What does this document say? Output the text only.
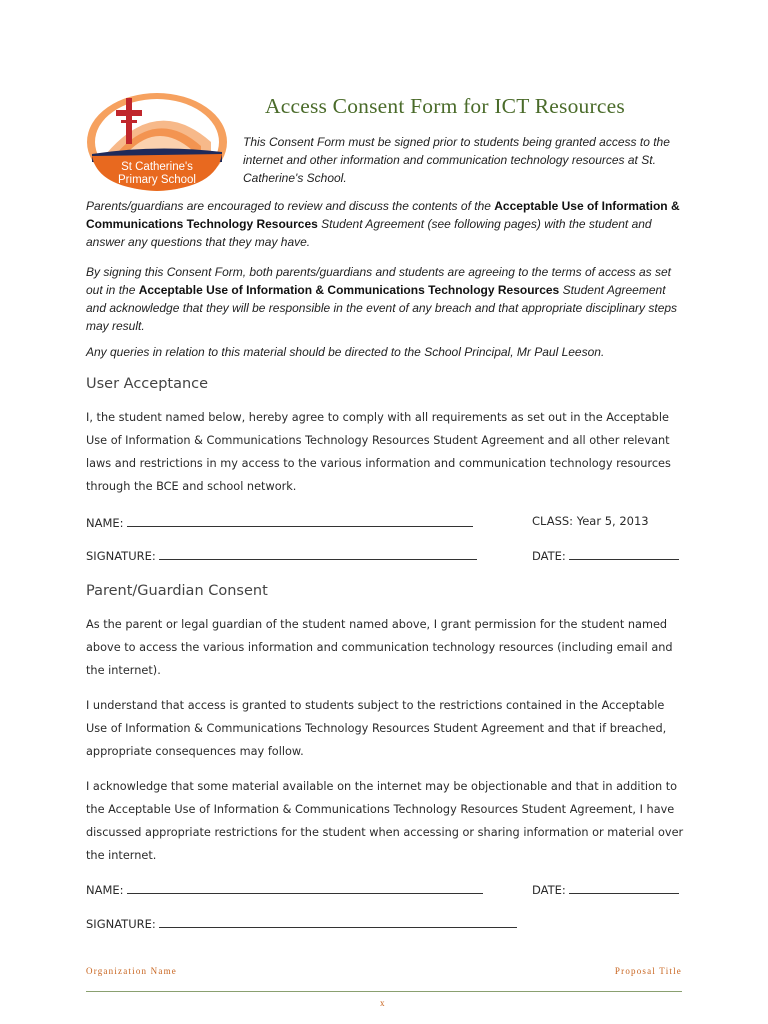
St Catherine's
Primary School
Access Consent Form for ICT Resources

This Consent Form must be signed prior to students being granted access to the internet and other information and communication technology resources at St. Catherine's School.

Parents/guardians are encouraged to review and discuss the contents of the Acceptable Use of Information & Communications Technology Resources Student Agreement (see following pages) with the student and answer any questions that they may have.

By signing this Consent Form, both parents/guardians and students are agreeing to the terms of access as set out in the Acceptable Use of Information & Communications Technology Resources Student Agreement and acknowledge that they will be responsible in the event of any breach and that appropriate disciplinary steps may result.

Any queries in relation to this material should be directed to the School Principal, Mr Paul Leeson.

User Acceptance

I, the student named below, hereby agree to comply with all requirements as set out in the Acceptable Use of Information & Communications Technology Resources Student Agreement and all other relevant laws and restrictions in my access to the various information and communication technology resources through the BCE and school network.

NAME:	CLASS: Year 5, 2013
SIGNATURE:	DATE:
Parent/Guardian Consent

As the parent or legal guardian of the student named above, I grant permission for the student named above to access the various information and communication technology resources (including email and the internet).

I understand that access is granted to students subject to the restrictions contained in the Acceptable Use of Information & Communications Technology Resources Student Agreement and that if breached, appropriate consequences may follow.

I acknowledge that some material available on the internet may be objectionable and that in addition to the Acceptable Use of Information & Communications Technology Resources Student Agreement, I have discussed appropriate restrictions for the student when accessing or sharing information or material over the internet.

NAME:	DATE:
SIGNATURE:
Organization Name	Proposal Title
x
